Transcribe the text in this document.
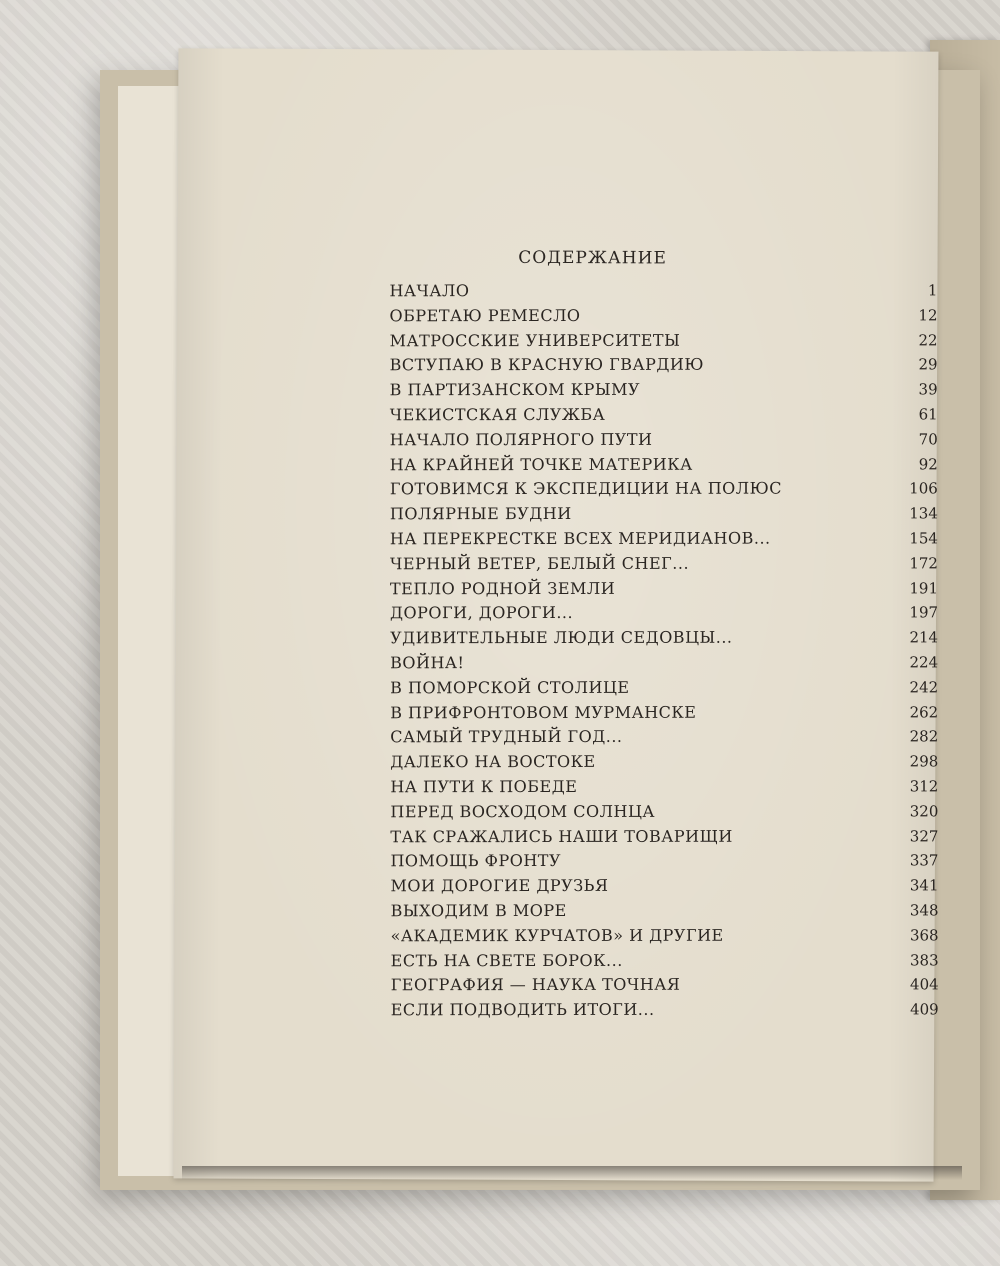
СОДЕРЖАНИЕ
НАЧАЛО	1
ОБРЕТАЮ РЕМЕСЛО	12
МАТРОССКИЕ УНИВЕРСИТЕТЫ	22
ВСТУПАЮ В КРАСНУЮ ГВАРДИЮ	29
В ПАРТИЗАНСКОМ КРЫМУ	39
ЧЕКИСТСКАЯ СЛУЖБА	61
НАЧАЛО ПОЛЯРНОГО ПУТИ	70
НА КРАЙНЕЙ ТОЧКЕ МАТЕРИКА	92
ГОТОВИМСЯ К ЭКСПЕДИЦИИ НА ПОЛЮС	106
ПОЛЯРНЫЕ БУДНИ	134
НА ПЕРЕКРЕСТКЕ ВСЕХ МЕРИДИАНОВ...	154
ЧЕРНЫЙ ВЕТЕР, БЕЛЫЙ СНЕГ...	172
ТЕПЛО РОДНОЙ ЗЕМЛИ	191
ДОРОГИ, ДОРОГИ...	197
УДИВИТЕЛЬНЫЕ ЛЮДИ СЕДОВЦЫ...	214
ВОЙНА!	224
В ПОМОРСКОЙ СТОЛИЦЕ	242
В ПРИФРОНТОВОМ МУРМАНСКЕ	262
САМЫЙ ТРУДНЫЙ ГОД...	282
ДАЛЕКО НА ВОСТОКЕ	298
НА ПУТИ К ПОБЕДЕ	312
ПЕРЕД ВОСХОДОМ СОЛНЦА	320
ТАК СРАЖАЛИСЬ НАШИ ТОВАРИЩИ	327
ПОМОЩЬ ФРОНТУ	337
МОИ ДОРОГИЕ ДРУЗЬЯ	341
ВЫХОДИМ В МОРЕ	348
«АКАДЕМИК КУРЧАТОВ» И ДРУГИЕ	368
ЕСТЬ НА СВЕТЕ БОРОК...	383
ГЕОГРАФИЯ — НАУКА ТОЧНАЯ	404
ЕСЛИ ПОДВОДИТЬ ИТОГИ...	409
